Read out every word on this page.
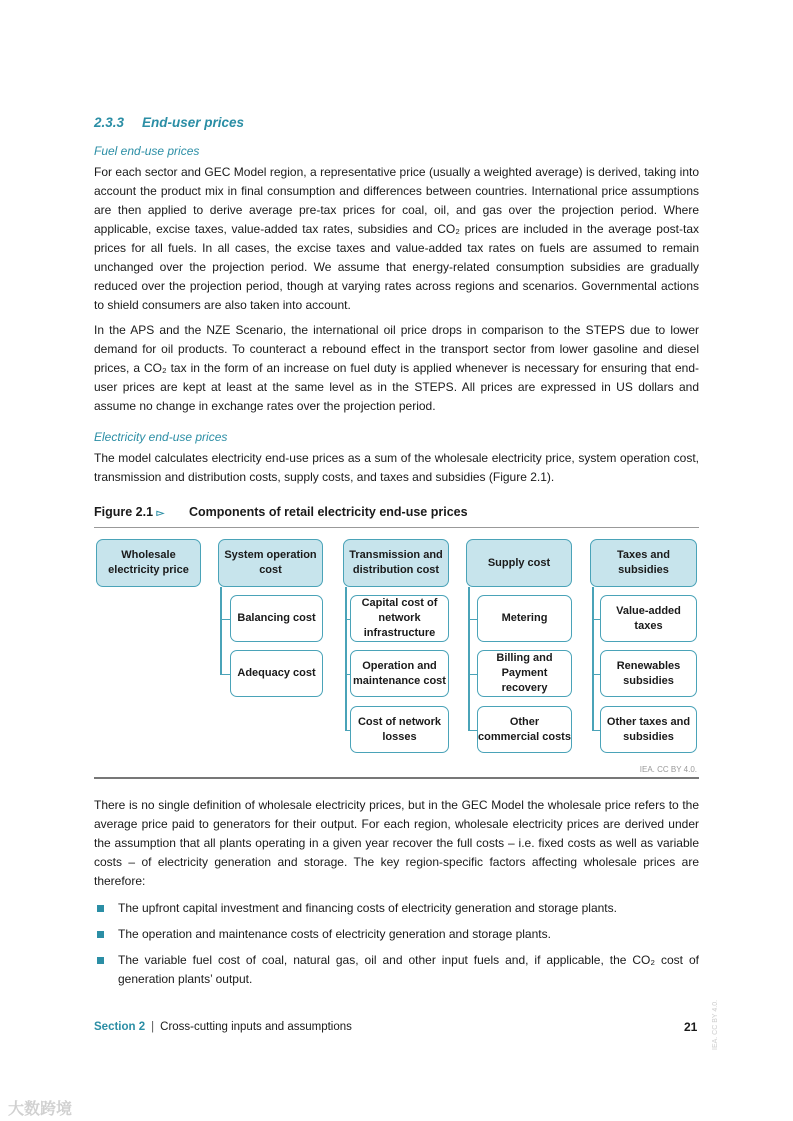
2.3.3 End-user prices
Fuel end-use prices
For each sector and GEC Model region, a representative price (usually a weighted average) is derived, taking into account the product mix in final consumption and differences between countries. International price assumptions are then applied to derive average pre-tax prices for coal, oil, and gas over the projection period. Where applicable, excise taxes, value-added tax rates, subsidies and CO₂ prices are included in the average post-tax prices for all fuels. In all cases, the excise taxes and value-added tax rates on fuels are assumed to remain unchanged over the projection period. We assume that energy-related consumption subsidies are gradually reduced over the projection period, though at varying rates across regions and scenarios. Governmental actions to shield consumers are also taken into account.
In the APS and the NZE Scenario, the international oil price drops in comparison to the STEPS due to lower demand for oil products. To counteract a rebound effect in the transport sector from lower gasoline and diesel prices, a CO₂ tax in the form of an increase on fuel duty is applied whenever is necessary for ensuring that end-user prices are kept at least at the same level as in the STEPS. All prices are expressed in US dollars and assume no change in exchange rates over the projection period.
Electricity end-use prices
The model calculates electricity end-use prices as a sum of the wholesale electricity price, system operation cost, transmission and distribution costs, supply costs, and taxes and subsidies (Figure 2.1).
Figure 2.1 ▻ Components of retail electricity end-use prices
Wholesale electricity price
System operation cost
Balancing cost
Adequacy cost
Transmission and distribution cost
Capital cost of network infrastructure
Operation and maintenance cost
Cost of network losses
Supply cost
Metering
Billing and Payment recovery
Other commercial costs
Taxes and subsidies
Value-added taxes
Renewables subsidies
Other taxes and subsidies
IEA. CC BY 4.0.
There is no single definition of wholesale electricity prices, but in the GEC Model the wholesale price refers to the average price paid to generators for their output. For each region, wholesale electricity prices are derived under the assumption that all plants operating in a given year recover the full costs – i.e. fixed costs as well as variable costs – of electricity generation and storage. The key region-specific factors affecting wholesale prices are therefore:
The upfront capital investment and financing costs of electricity generation and storage plants.
The operation and maintenance costs of electricity generation and storage plants.
The variable fuel cost of coal, natural gas, oil and other input fuels and, if applicable, the CO₂ cost of generation plants’ output.
Section 2 | Cross-cutting inputs and assumptions	21 IEA. CC BY 4.0.
大数跨境
